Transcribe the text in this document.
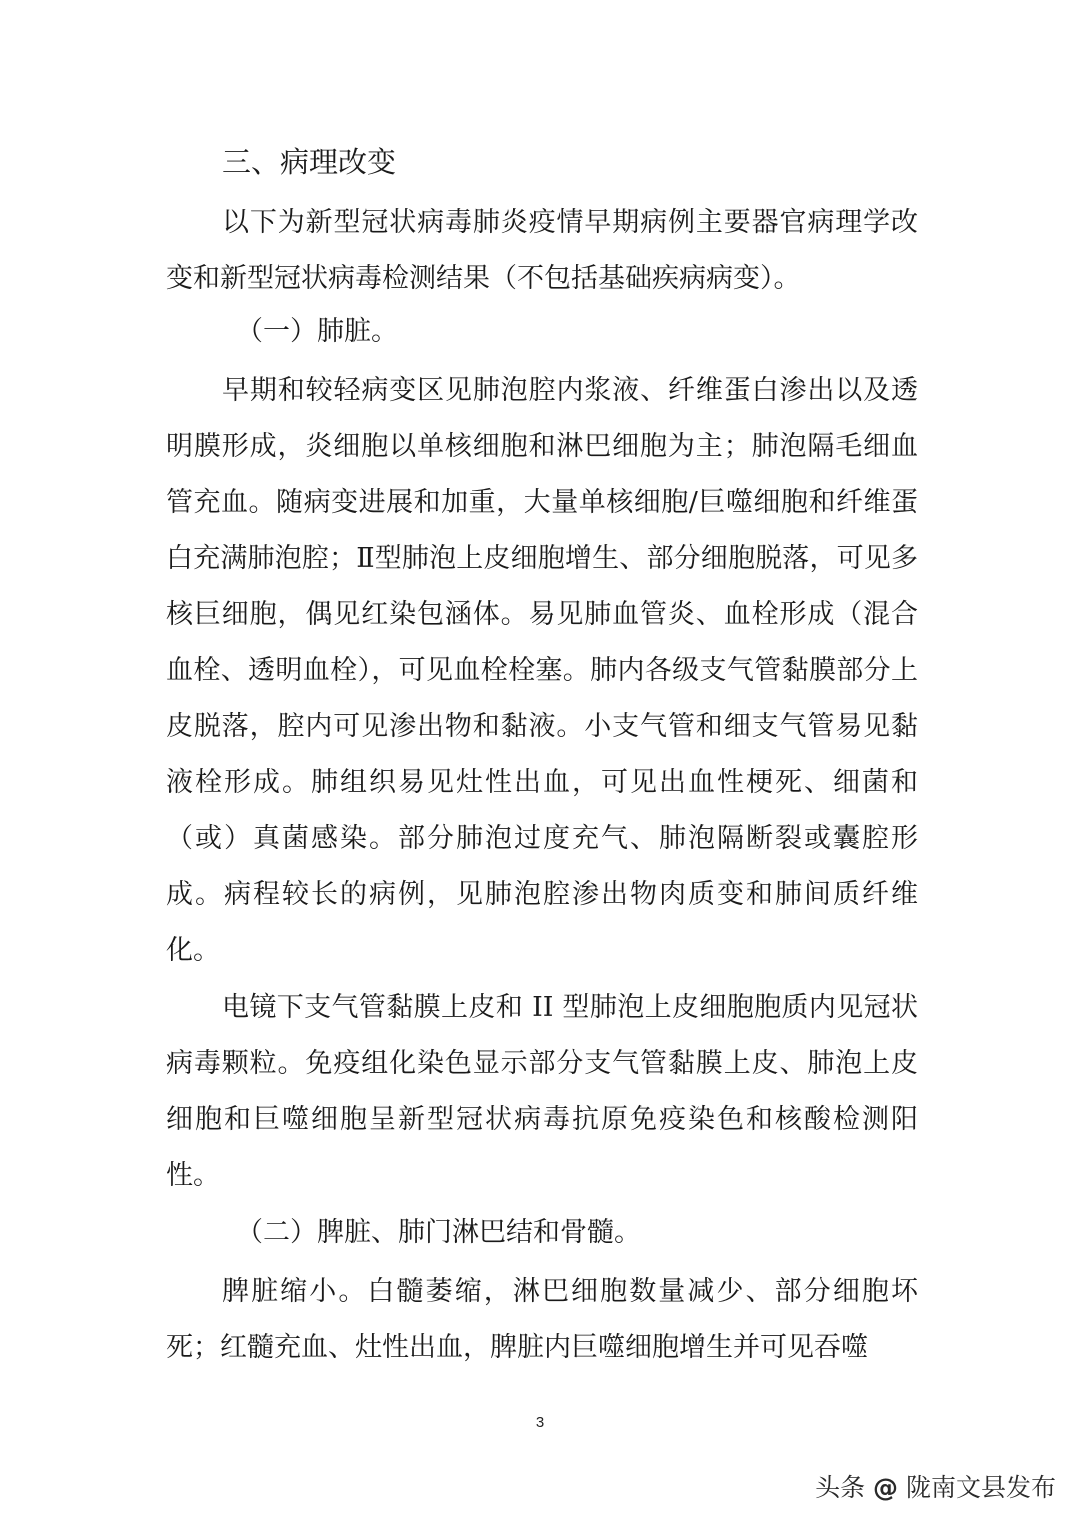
三、病理改变

以下为新型冠状病毒肺炎疫情早期病例主要器官病理学改变和新型冠状病毒检测结果（不包括基础疾病病变）。

（一）肺脏。

早期和较轻病变区见肺泡腔内浆液、纤维蛋白渗出以及透明膜形成，炎细胞以单核细胞和淋巴细胞为主；肺泡隔毛细血管充血。随病变进展和加重，大量单核细胞/巨噬细胞和纤维蛋白充满肺泡腔；Ⅱ型肺泡上皮细胞增生、部分细胞脱落，可见多核巨细胞，偶见红染包涵体。易见肺血管炎、血栓形成（混合血栓、透明血栓），可见血栓栓塞。肺内各级支气管黏膜部分上皮脱落，腔内可见渗出物和黏液。小支气管和细支气管易见黏液栓形成。肺组织易见灶性出血，可见出血性梗死、细菌和（或）真菌感染。部分肺泡过度充气、肺泡隔断裂或囊腔形成。病程较长的病例，见肺泡腔渗出物肉质变和肺间质纤维化。

电镜下支气管黏膜上皮和 II 型肺泡上皮细胞胞质内见冠状病毒颗粒。免疫组化染色显示部分支气管黏膜上皮、肺泡上皮细胞和巨噬细胞呈新型冠状病毒抗原免疫染色和核酸检测阳性。

（二）脾脏、肺门淋巴结和骨髓。

脾脏缩小。白髓萎缩，淋巴细胞数量减少、部分细胞坏死；红髓充血、灶性出血，脾脏内巨噬细胞增生并可见吞噬

3
头条 @ 陇南文县发布
